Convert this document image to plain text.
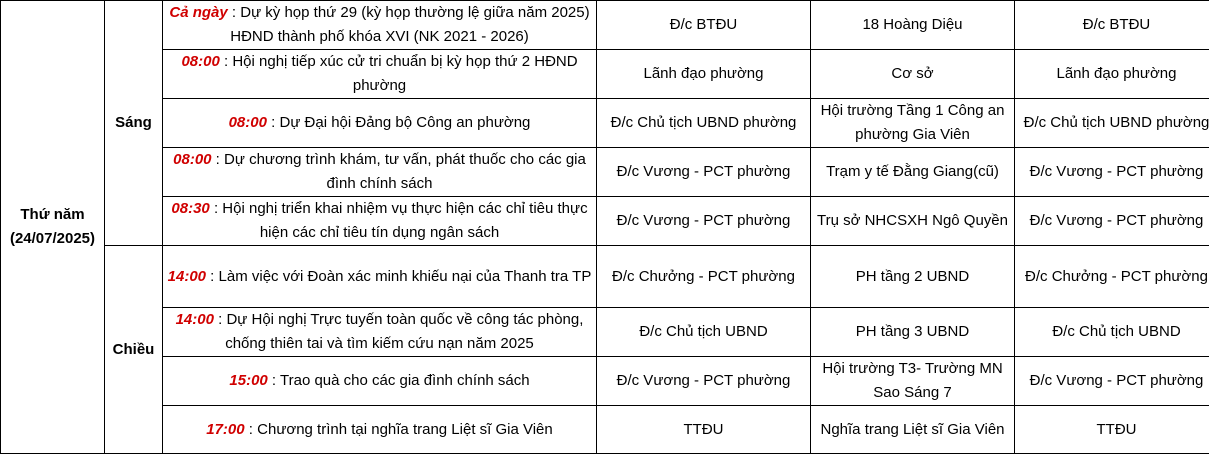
Thứ năm
(24/07/2025)	Sáng	Cả ngày : Dự kỳ họp thứ 29 (kỳ họp thường lệ giữa năm 2025) HĐND thành phố khóa XVI (NK 2021 - 2026)	Đ/c BTĐU	18 Hoàng Diệu	Đ/c BTĐU
		08:00 : Hội nghị tiếp xúc cử tri chuẩn bị kỳ họp thứ 2 HĐND phường	Lãnh đạo phường	Cơ sở	Lãnh đạo phường
		08:00 : Dự Đại hội Đảng bộ Công an phường	Đ/c Chủ tịch UBND phường	Hội trường Tầng 1 Công an phường Gia Viên	Đ/c Chủ tịch UBND phường
		08:00 : Dự chương trình khám, tư vấn, phát thuốc cho các gia đình chính sách	Đ/c Vương - PCT phường	Trạm y tế Đằng Giang(cũ)	Đ/c Vương - PCT phường
		08:30 : Hội nghị triển khai nhiệm vụ thực hiện các chỉ tiêu thực hiện các chỉ tiêu tín dụng ngân sách	Đ/c Vương - PCT phường	Trụ sở NHCSXH Ngô Quyền	Đ/c Vương - PCT phường
	Chiều	14:00 : Làm việc với Đoàn xác minh khiếu nại của Thanh tra TP	Đ/c Chưởng - PCT phường	PH tầng 2 UBND	Đ/c Chưởng - PCT phường
		14:00 : Dự Hội nghị Trực tuyến toàn quốc về công tác phòng, chống thiên tai và tìm kiếm cứu nạn năm 2025	Đ/c Chủ tịch UBND	PH tầng 3 UBND	Đ/c Chủ tịch UBND
		15:00 : Trao quà cho các gia đình chính sách	Đ/c Vương - PCT phường	Hội trường T3- Trường MN Sao Sáng 7	Đ/c Vương - PCT phường
		17:00 : Chương trình tại nghĩa trang Liệt sĩ Gia Viên	TTĐU	Nghĩa trang Liệt sĩ Gia Viên	TTĐU
